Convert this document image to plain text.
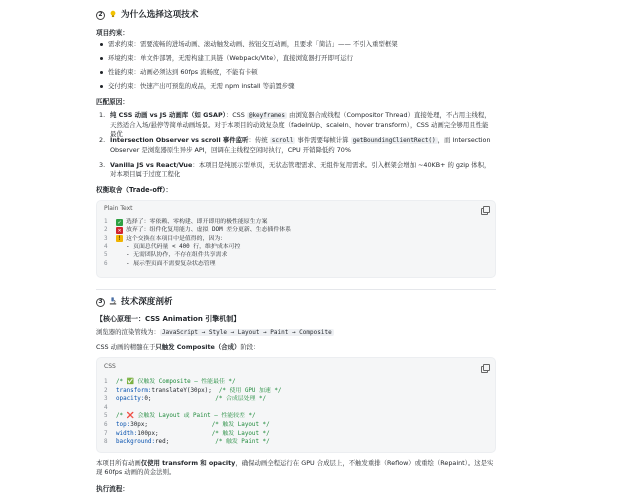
2 为什么选择这项技术
项目约束：
需求约束：需要流畅的进场动画、滚动触发动画、按钮交互动画，且要求「简洁」—— 不引入重型框架
环境约束：单文件部署，无需构建工具链（Webpack/Vite），直接浏览器打开即可运行
性能约束：动画必须达到 60fps 流畅度，不能有卡顿
交付约束：快速产出可预览的成品，无需 npm install 等前置步骤
匹配原因：
1. 纯 CSS 动画 vs JS 动画库（如 GSAP）：CSS @keyframes 由浏览器合成线程（Compositor Thread）直接处理，不占用主线程，天然适合入场/悬停等简单动画场景。对于本项目的动效复杂度（fadeInUp、scaleIn、hover transform），CSS 动画完全够用且性能最优
2. Intersection Observer vs scroll 事件监听：传统 scroll 事件需要每帧计算 getBoundingClientRect() ，而 Intersection Observer 是浏览器原生异步 API，回调在主线程空闲时执行，CPU 开销降低约 70%
3. Vanilla JS vs React/Vue：本项目是纯展示型单页，无状态管理需求、无组件复用需求。引入框架会增加 ~40KB+ 的 gzip 体积，对本项目属于过度工程化
权衡取舍（Trade-off）：
Plain Text
1	✓ 选择了：零依赖、零构建、即开即用的极性能原生方案
2	✕ 放弃了：组件化复用能力、虚拟 DOM 差分更新、生态插件体系
3	! 这个交换在本项目中是值得的，因为：
4	- 页面总代码量 < 400 行，维护成本可控
5	- 无需团队协作，不存在组件共享需求
6	- 展示型页面不需要复杂状态管理
3 技术深度剖析
【核心原理一：CSS Animation 引擎机制】
浏览器的渲染管线为： JavaScript → Style → Layout → Paint → Composite
CSS 动画的精髓在于只触发 Composite（合成）阶段：
CSS
1	/* ✅ 仅触发 Composite — 性能最佳 */
2	transform: translateY(30px); /* 使用 GPU 加速 */
3	opacity: 0; /* 合成层处理 */
4
5	/* ❌ 会触发 Layout 或 Paint — 性能较差 */
6	top: 30px; /* 触发 Layout */
7	width: 100px; /* 触发 Layout */
8	background: red; /* 触发 Paint */
本项目所有动画仅使用 transform 和 opacity，确保动画全程运行在 GPU 合成层上，不触发重排（Reflow）或重绘（Repaint）。这是实现 60fps 动画的黄金法则。
执行流程：
